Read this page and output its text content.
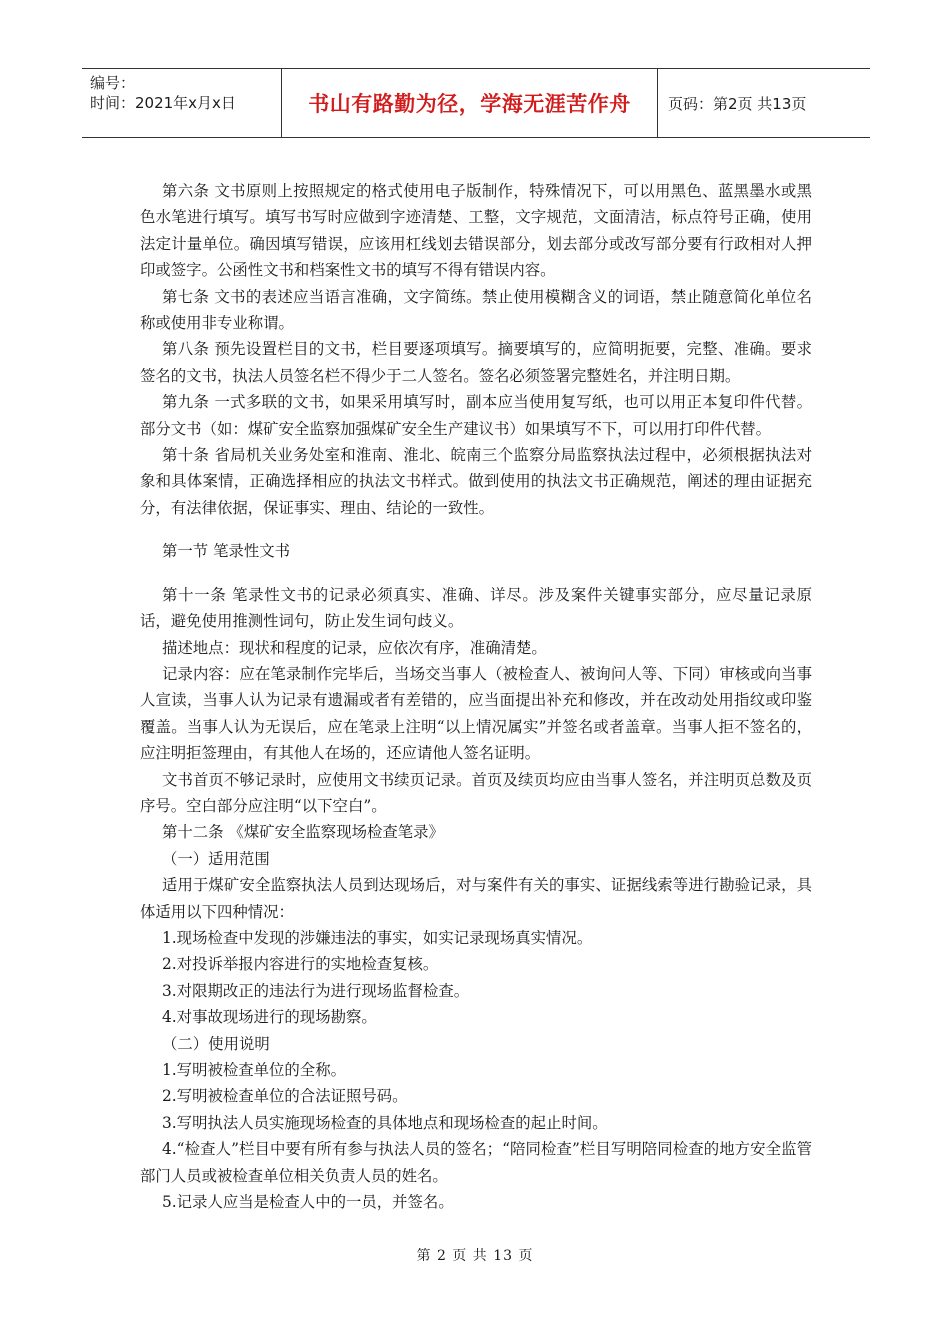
编号：
时间：2021年x月x日	书山有路勤为径，学海无涯苦作舟	页码：第2页 共13页

第六条 文书原则上按照规定的格式使用电子版制作，特殊情况下，可以用黑色、蓝黑墨水或黑色水笔进行填写。填写书写时应做到字迹清楚、工整，文字规范，文面清洁，标点符号正确，使用法定计量单位。确因填写错误，应该用杠线划去错误部分，划去部分或改写部分要有行政相对人押印或签字。公函性文书和档案性文书的填写不得有错误内容。

第七条 文书的表述应当语言准确，文字简练。禁止使用模糊含义的词语，禁止随意简化单位名称或使用非专业称谓。

第八条 预先设置栏目的文书，栏目要逐项填写。摘要填写的，应简明扼要，完整、准确。要求签名的文书，执法人员签名栏不得少于二人签名。签名必须签署完整姓名，并注明日期。

第九条 一式多联的文书，如果采用填写时，副本应当使用复写纸，也可以用正本复印件代替。部分文书（如：煤矿安全监察加强煤矿安全生产建议书）如果填写不下，可以用打印件代替。

第十条 省局机关业务处室和淮南、淮北、皖南三个监察分局监察执法过程中，必须根据执法对象和具体案情，正确选择相应的执法文书样式。做到使用的执法文书正确规范，阐述的理由证据充分，有法律依据，保证事实、理由、结论的一致性。

第一节 笔录性文书

第十一条 笔录性文书的记录必须真实、准确、详尽。涉及案件关键事实部分，应尽量记录原话，避免使用推测性词句，防止发生词句歧义。

描述地点：现状和程度的记录，应依次有序，准确清楚。

记录内容：应在笔录制作完毕后，当场交当事人（被检查人、被询问人等、下同）审核或向当事人宣读，当事人认为记录有遗漏或者有差错的，应当面提出补充和修改，并在改动处用指纹或印鉴覆盖。当事人认为无误后，应在笔录上注明“以上情况属实”并签名或者盖章。当事人拒不签名的，应注明拒签理由，有其他人在场的，还应请他人签名证明。

文书首页不够记录时，应使用文书续页记录。首页及续页均应由当事人签名，并注明页总数及页序号。空白部分应注明“以下空白”。

第十二条 《煤矿安全监察现场检查笔录》

（一）适用范围

适用于煤矿安全监察执法人员到达现场后，对与案件有关的事实、证据线索等进行勘验记录，具体适用以下四种情况：

1.现场检查中发现的涉嫌违法的事实，如实记录现场真实情况。

2.对投诉举报内容进行的实地检查复核。

3.对限期改正的违法行为进行现场监督检查。

4.对事故现场进行的现场勘察。

（二）使用说明

1.写明被检查单位的全称。

2.写明被检查单位的合法证照号码。

3.写明执法人员实施现场检查的具体地点和现场检查的起止时间。

4.“检查人”栏目中要有所有参与执法人员的签名；“陪同检查”栏目写明陪同检查的地方安全监管部门人员或被检查单位相关负责人员的姓名。

5.记录人应当是检查人中的一员，并签名。

第 2 页 共 13 页
